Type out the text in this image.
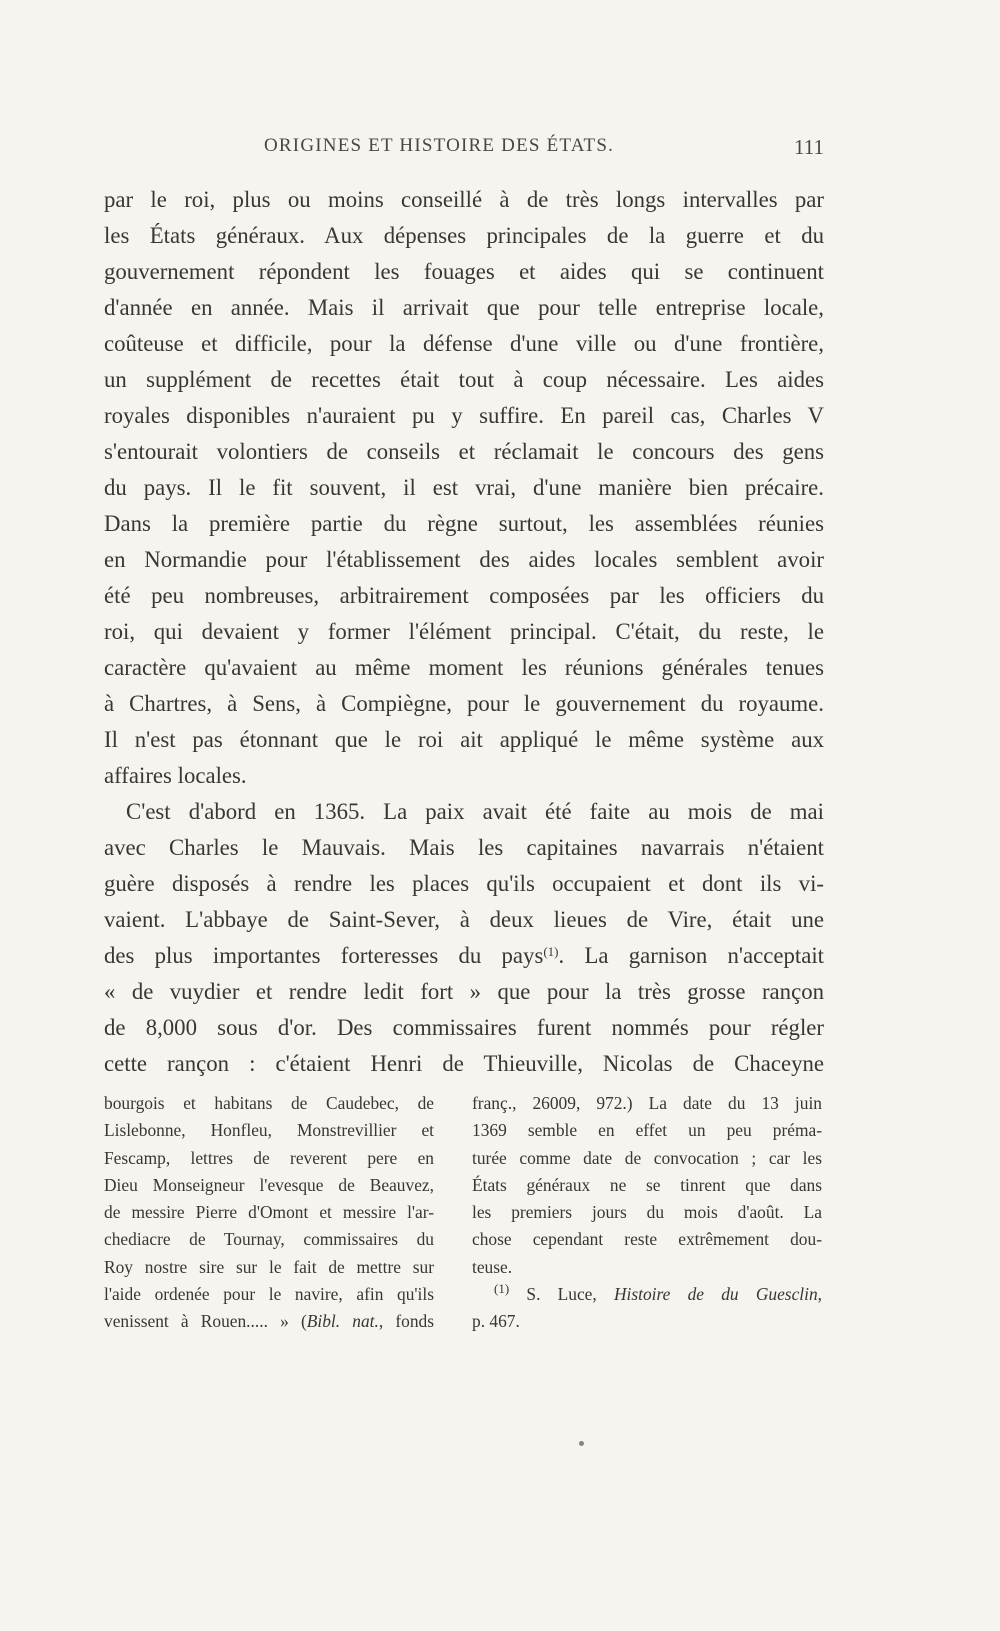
ORIGINES ET HISTOIRE DES ÉTATS.	111
par le roi, plus ou moins conseillé à de très longs intervalles par
les États généraux. Aux dépenses principales de la guerre et du
gouvernement répondent les fouages et aides qui se continuent
d'année en année. Mais il arrivait que pour telle entreprise locale,
coûteuse et difficile, pour la défense d'une ville ou d'une frontière,
un supplément de recettes était tout à coup nécessaire. Les aides
royales disponibles n'auraient pu y suffire. En pareil cas, Charles V
s'entourait volontiers de conseils et réclamait le concours des gens
du pays. Il le fit souvent, il est vrai, d'une manière bien précaire.
Dans la première partie du règne surtout, les assemblées réunies
en Normandie pour l'établissement des aides locales semblent avoir
été peu nombreuses, arbitrairement composées par les officiers du
roi, qui devaient y former l'élément principal. C'était, du reste, le
caractère qu'avaient au même moment les réunions générales tenues
à Chartres, à Sens, à Compiègne, pour le gouvernement du royaume.
Il n'est pas étonnant que le roi ait appliqué le même système aux
affaires locales.
C'est d'abord en 1365. La paix avait été faite au mois de mai
avec Charles le Mauvais. Mais les capitaines navarrais n'étaient
guère disposés à rendre les places qu'ils occupaient et dont ils vi-
vaient. L'abbaye de Saint-Sever, à deux lieues de Vire, était une
des plus importantes forteresses du pays$^{(1)}$. La garnison n'acceptait
« de vuydier et rendre ledit fort » que pour la très grosse rançon
de 8,000 sous d'or. Des commissaires furent nommés pour régler
cette rançon : c'étaient Henri de Thieuville, Nicolas de Chaceyne
bourgois et habitans de Caudebec, de
Lislebonne, Honfleu, Monstrevillier et
Fescamp, lettres de reverent pere en
Dieu Monseigneur l'evesque de Beauvez,
de messire Pierre d'Omont et messire l'ar-
chediacre de Tournay, commissaires du
Roy nostre sire sur le fait de mettre sur
l'aide ordenée pour le navire, afin qu'ils
venissent à Rouen..... » (Bibl. nat., fonds
franç., 26009, 972.) La date du 13 juin
1369 semble en effet un peu préma-
turée comme date de convocation ; car les
États généraux ne se tinrent que dans
les premiers jours du mois d'août. La
chose cependant reste extrêmement dou-
teuse.
$^{(1)}$ S. Luce, Histoire de du Guesclin,
p. 467.
